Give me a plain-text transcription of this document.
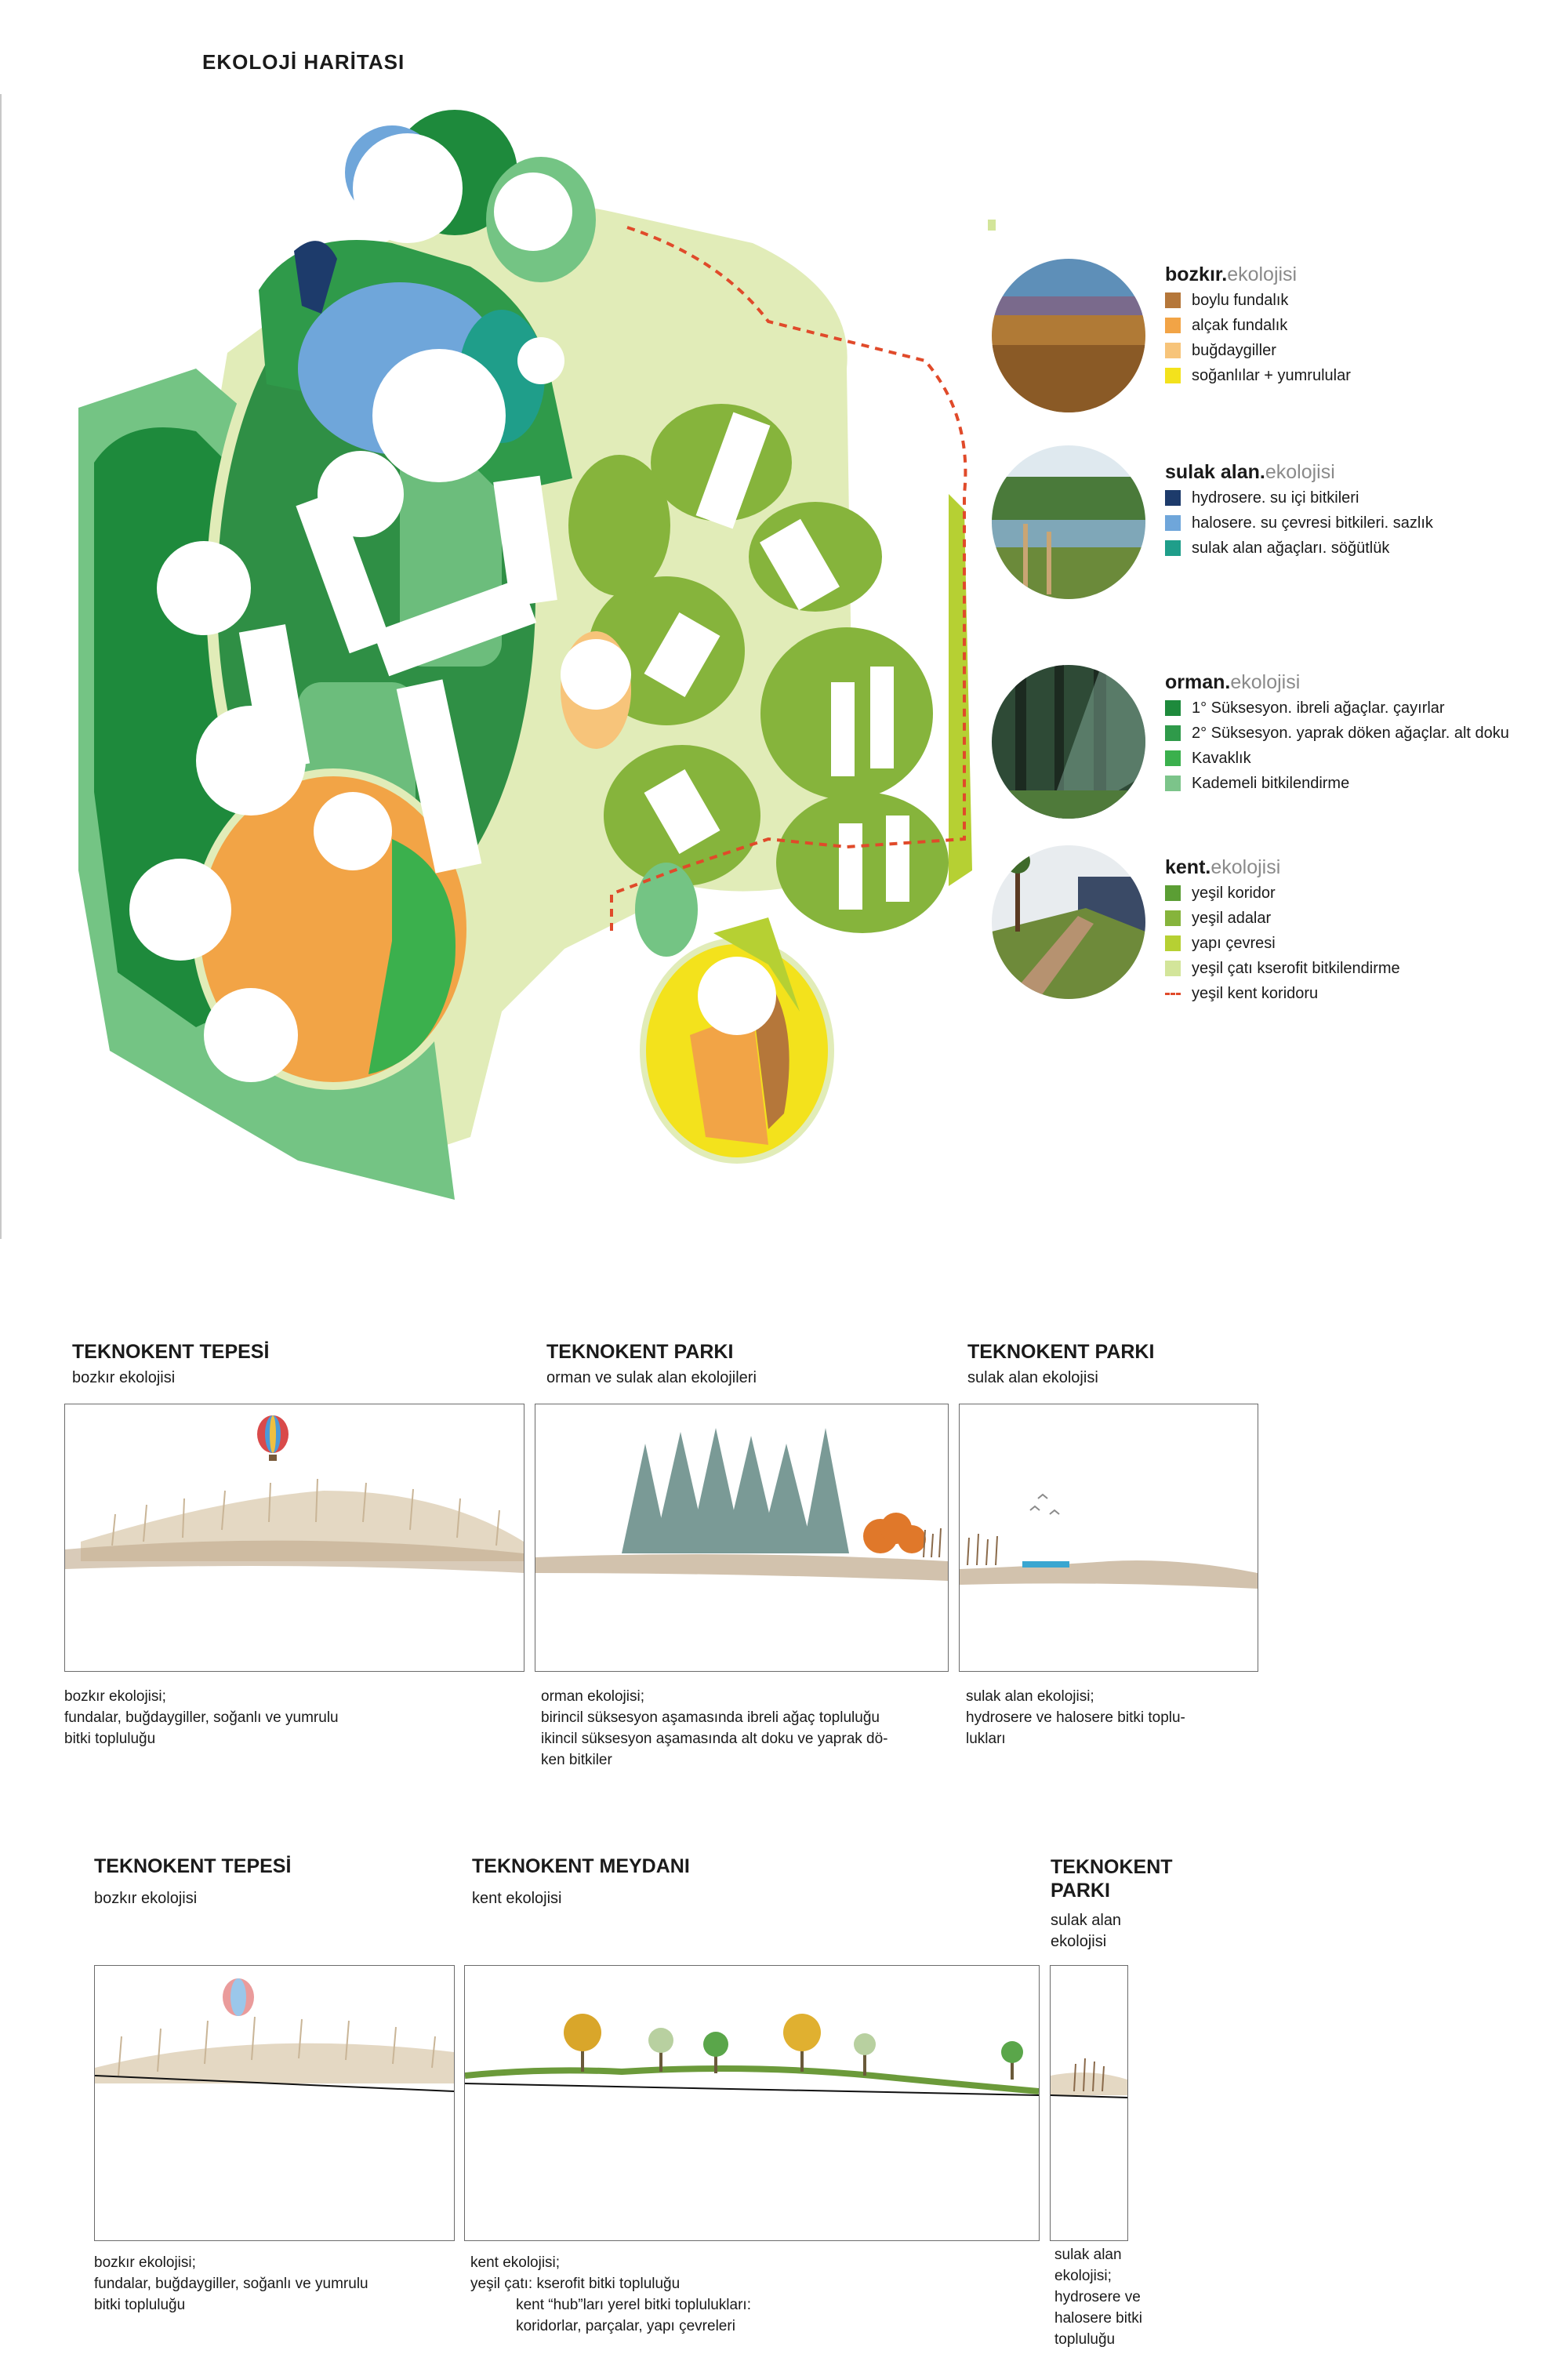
EKOLOJİ HARİTASI
bozkır.ekolojisi
boylu fundalık
alçak fundalık
buğdaygiller
soğanlılar + yumrulular
sulak alan.ekolojisi
hydrosere. su içi bitkileri
halosere. su çevresi bitkileri. sazlık
sulak alan ağaçları. söğütlük
orman.ekolojisi
1° Süksesyon. ibreli ağaçlar. çayırlar
2° Süksesyon. yaprak döken ağaçlar. alt doku
Kavaklık
Kademeli bitkilendirme
kent.ekolojisi
yeşil koridor
yeşil adalar
yapı çevresi
yeşil çatı kserofit bitkilendirme
yeşil kent koridoru
TEKNOKENT TEPESİ
bozkır ekolojisi
TEKNOKENT PARKI
orman ve sulak alan ekolojileri
TEKNOKENT PARKI
sulak alan ekolojisi
bozkır ekolojisi;
fundalar, buğdaygiller, soğanlı ve yumrulu
bitki topluluğu
orman ekolojisi;
birincil süksesyon aşamasında ibreli ağaç topluluğu
ikincil süksesyon aşamasında alt doku ve yaprak dö-
ken bitkiler
sulak alan ekolojisi;
hydrosere ve halosere bitki toplu-
lukları
TEKNOKENT TEPESİ
bozkır ekolojisi
TEKNOKENT MEYDANI
kent ekolojisi
TEKNOKENT
PARKI
sulak alan
ekolojisi
bozkır ekolojisi;
fundalar, buğdaygiller, soğanlı ve yumrulu
bitki topluluğu
kent ekolojisi;
yeşil çatı: kserofit bitki topluluğu
kent “hub”ları yerel bitki toplulukları:
koridorlar, parçalar, yapı çevreleri
sulak alan
ekolojisi;
hydrosere ve
halosere bitki
topluluğu
